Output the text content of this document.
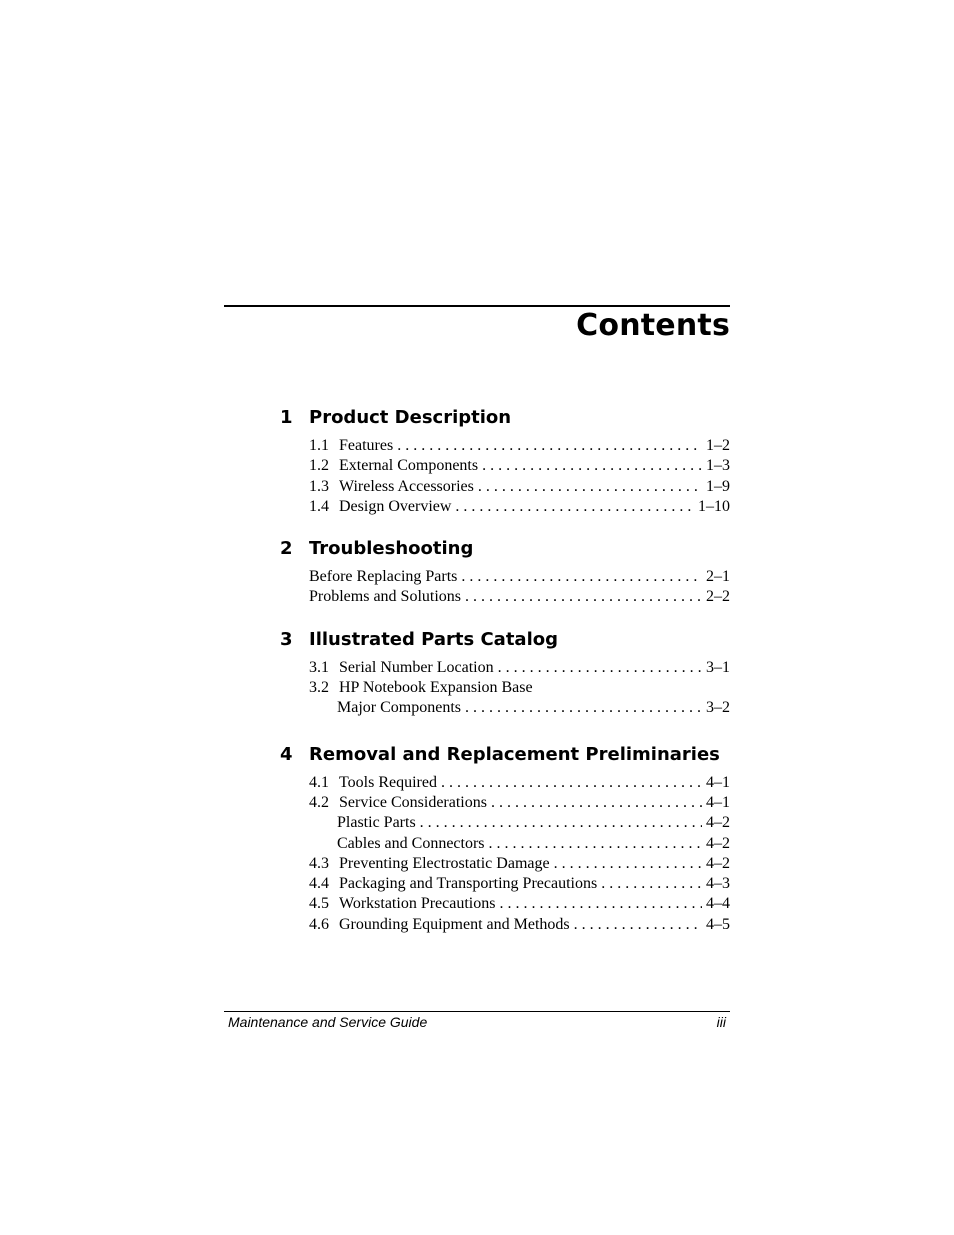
Contents
1 Product Description
1.1 Features . . .	1–2
1.2 External Components . . .	1–3
1.3 Wireless Accessories . . .	1–9
1.4 Design Overview . . .	1–10
2 Troubleshooting
Before Replacing Parts . . .	2–1
Problems and Solutions . . .	2–2
3 Illustrated Parts Catalog
3.1 Serial Number Location . . .	3–1
3.2 HP Notebook Expansion Base
Major Components . . .	3–2
4 Removal and Replacement Preliminaries
4.1 Tools Required . . .	4–1
4.2 Service Considerations . . .	4–1
Plastic Parts . . .	4–2
Cables and Connectors . . .	4–2
4.3 Preventing Electrostatic Damage . . .	4–2
4.4 Packaging and Transporting Precautions . . .	4–3
4.5 Workstation Precautions . . .	4–4
4.6 Grounding Equipment and Methods . . .	4–5
Maintenance and Service Guide	iii
